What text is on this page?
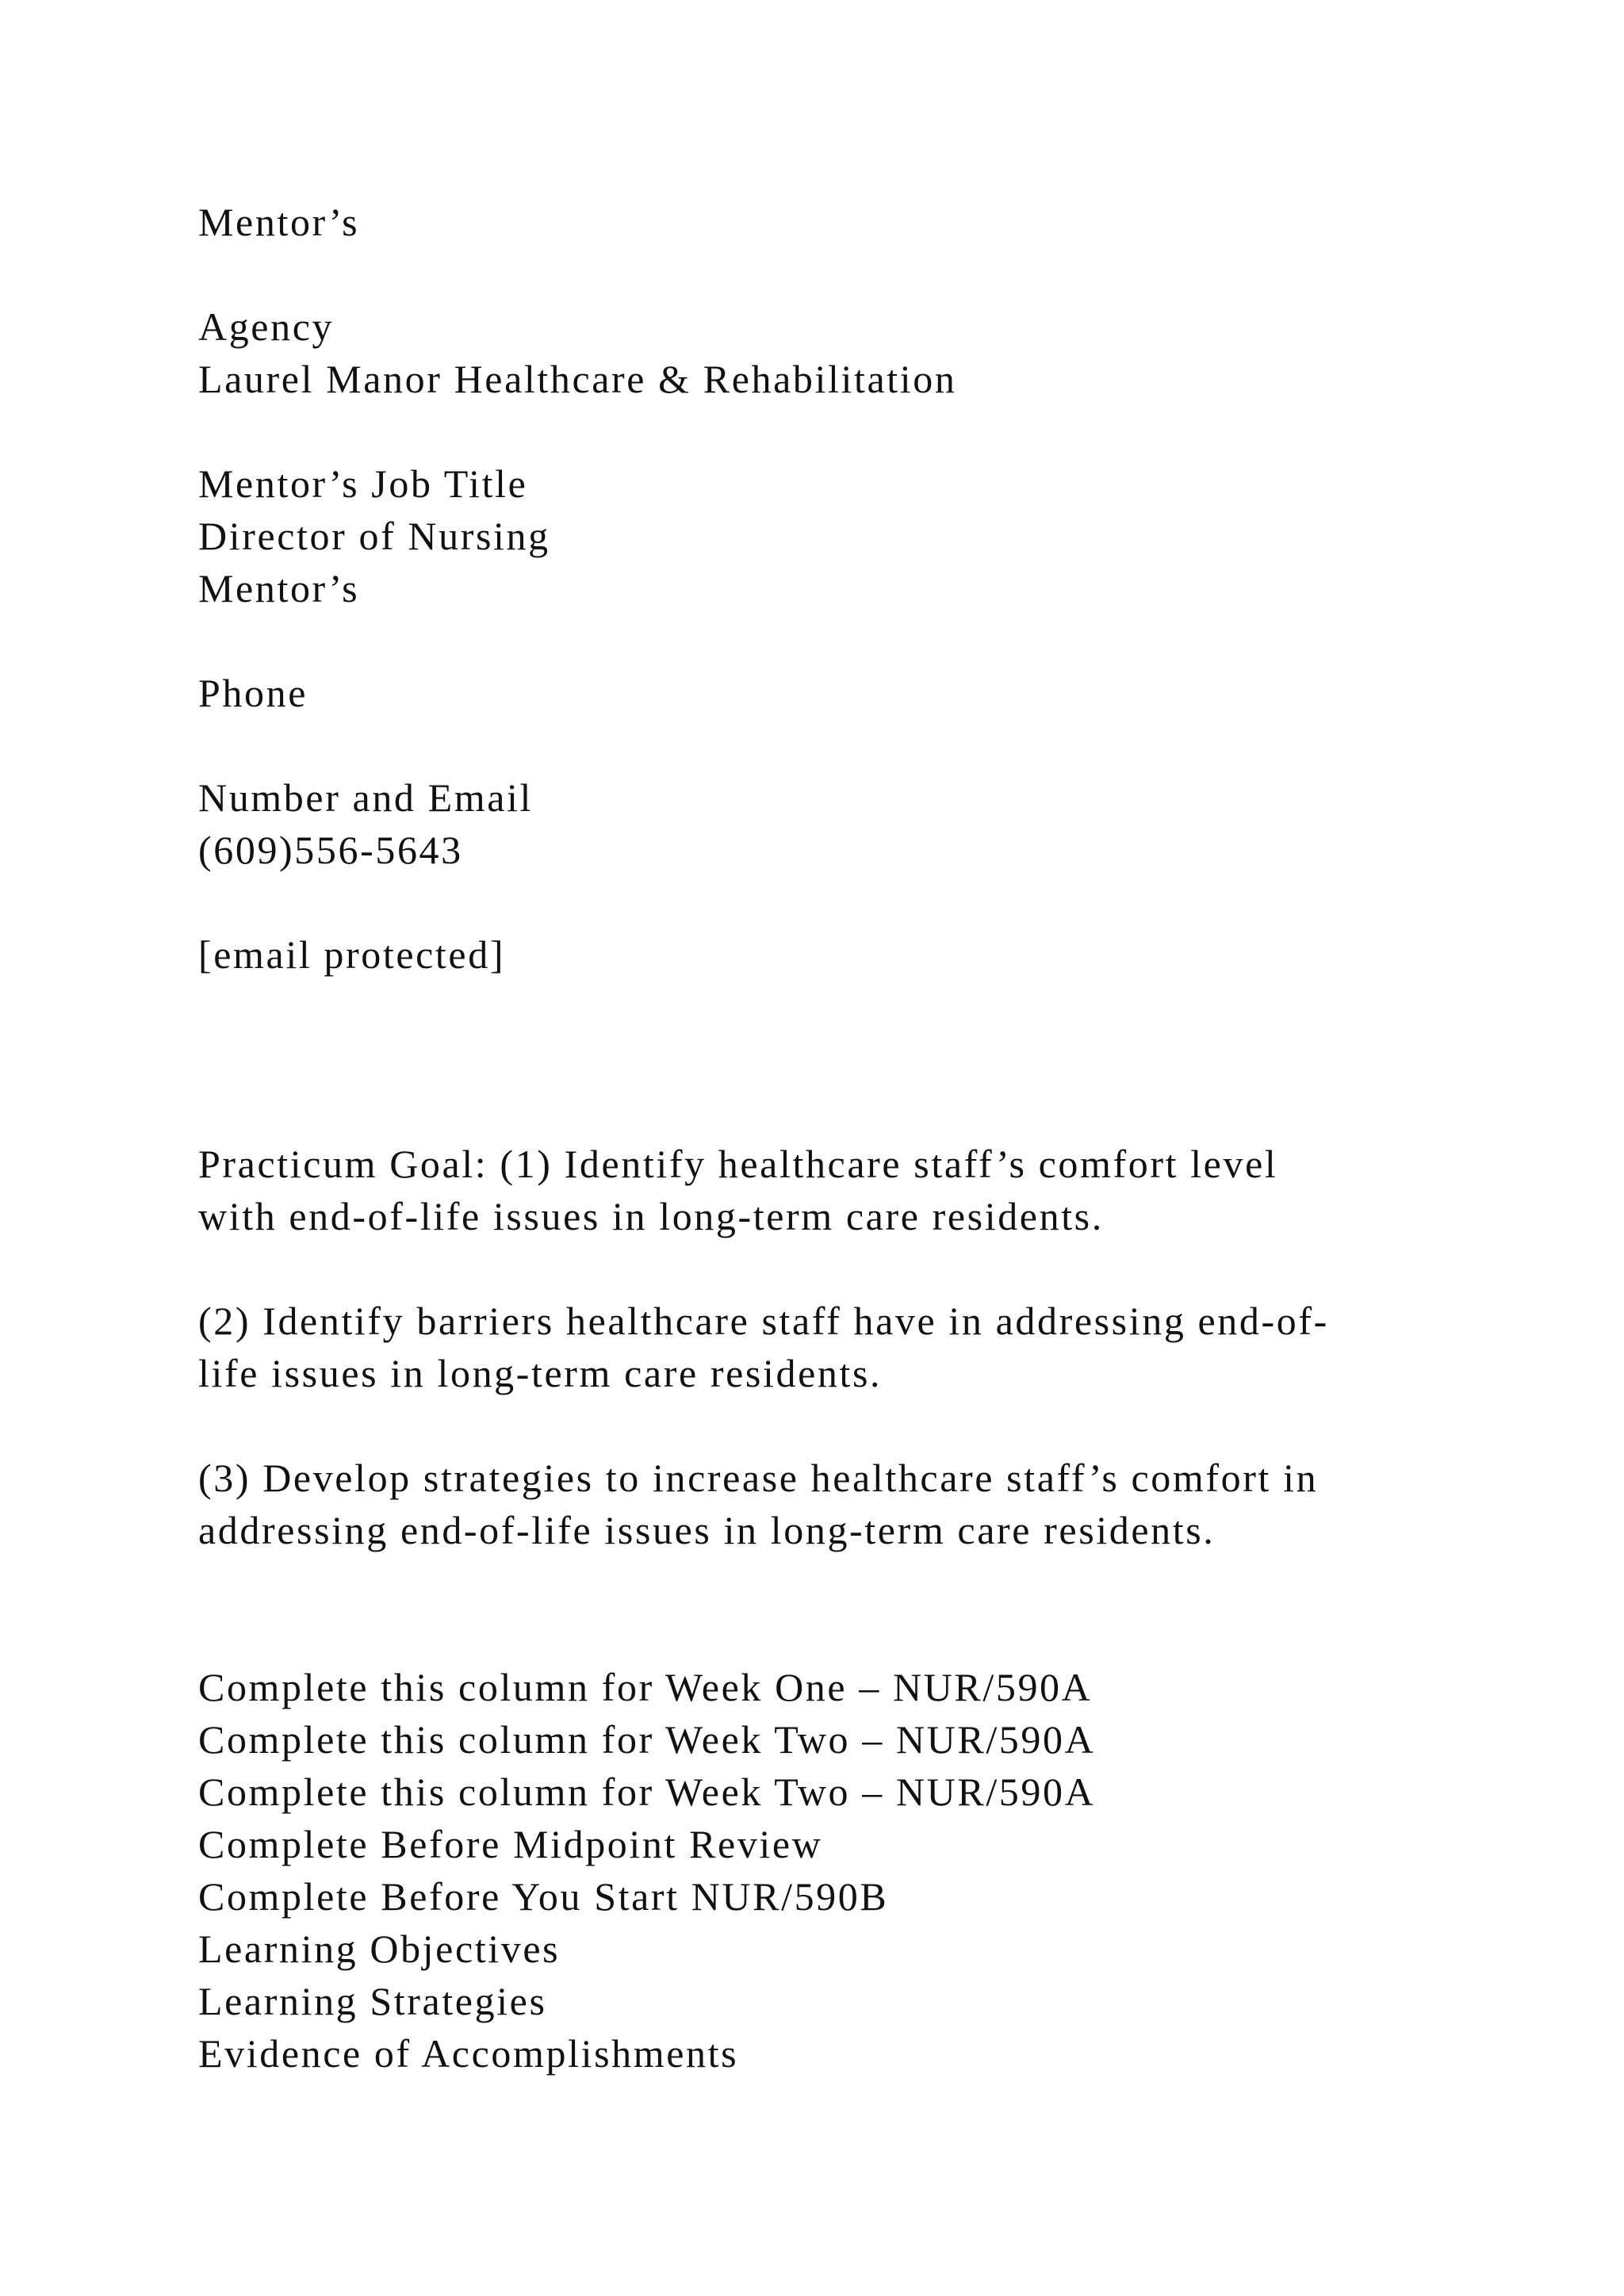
Mentor’s

Agency

Laurel Manor Healthcare & Rehabilitation

Mentor’s Job Title

Director of Nursing

Mentor’s

Phone

Number and Email

(609)556-5643

[email protected]

Practicum Goal: (1) Identify healthcare staff’s comfort level

with end-of-life issues in long-term care residents.

(2) Identify barriers healthcare staff have in addressing end-of-

life issues in long-term care residents.

(3) Develop strategies to increase healthcare staff’s comfort in

addressing end-of-life issues in long-term care residents.

Complete this column for Week One – NUR/590A

Complete this column for Week Two – NUR/590A

Complete this column for Week Two – NUR/590A

Complete Before Midpoint Review

Complete Before You Start NUR/590B

Learning Objectives

Learning Strategies

Evidence of Accomplishments
